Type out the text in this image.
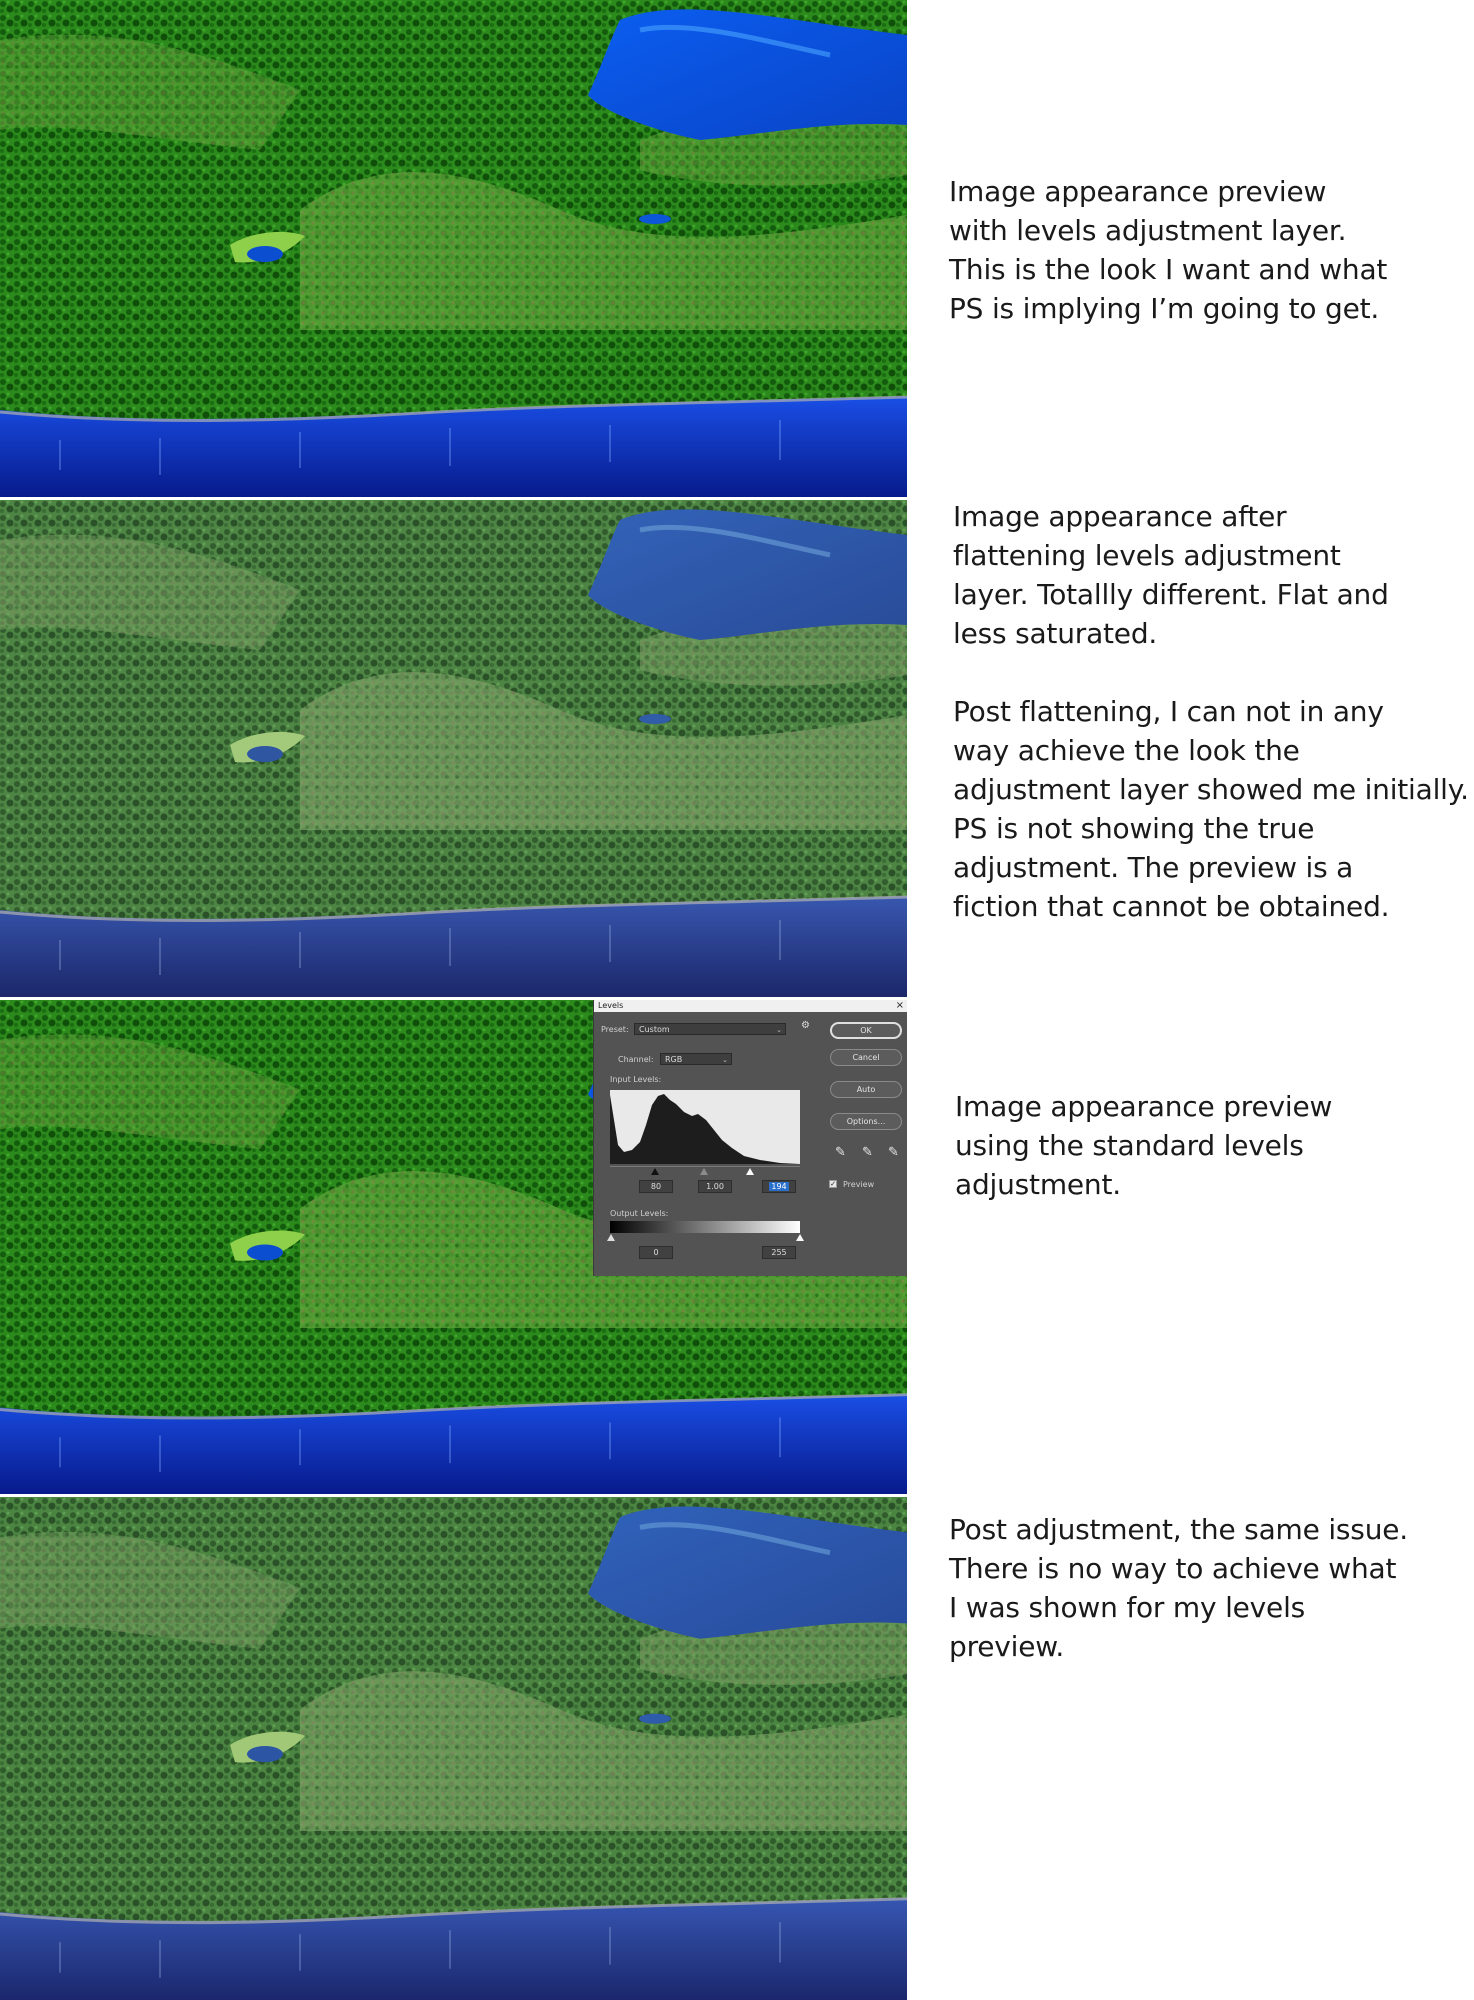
Image appearance preview
with levels adjustment layer.
This is the look I want and what
PS is implying I’m going to get.

Image appearance after
flattening levels adjustment
layer. Totallly different. Flat and
less saturated.

Post flattening, I can not in any
way achieve the look the
adjustment layer showed me initially.
PS is not showing the true
adjustment. The preview is a
fiction that cannot be obtained.

Levels	×
Preset:	Custom	⌄ ⚙
Channel:	RGB	⌄
Input Levels:
80	1.00	194
Output Levels:
0	255
OK
Cancel
Auto
Options...
✎ ✎ ✎
✓ Preview

Image appearance preview
using the standard levels
adjustment.

Post adjustment, the same issue.
There is no way to achieve what
I was shown for my levels
preview.
